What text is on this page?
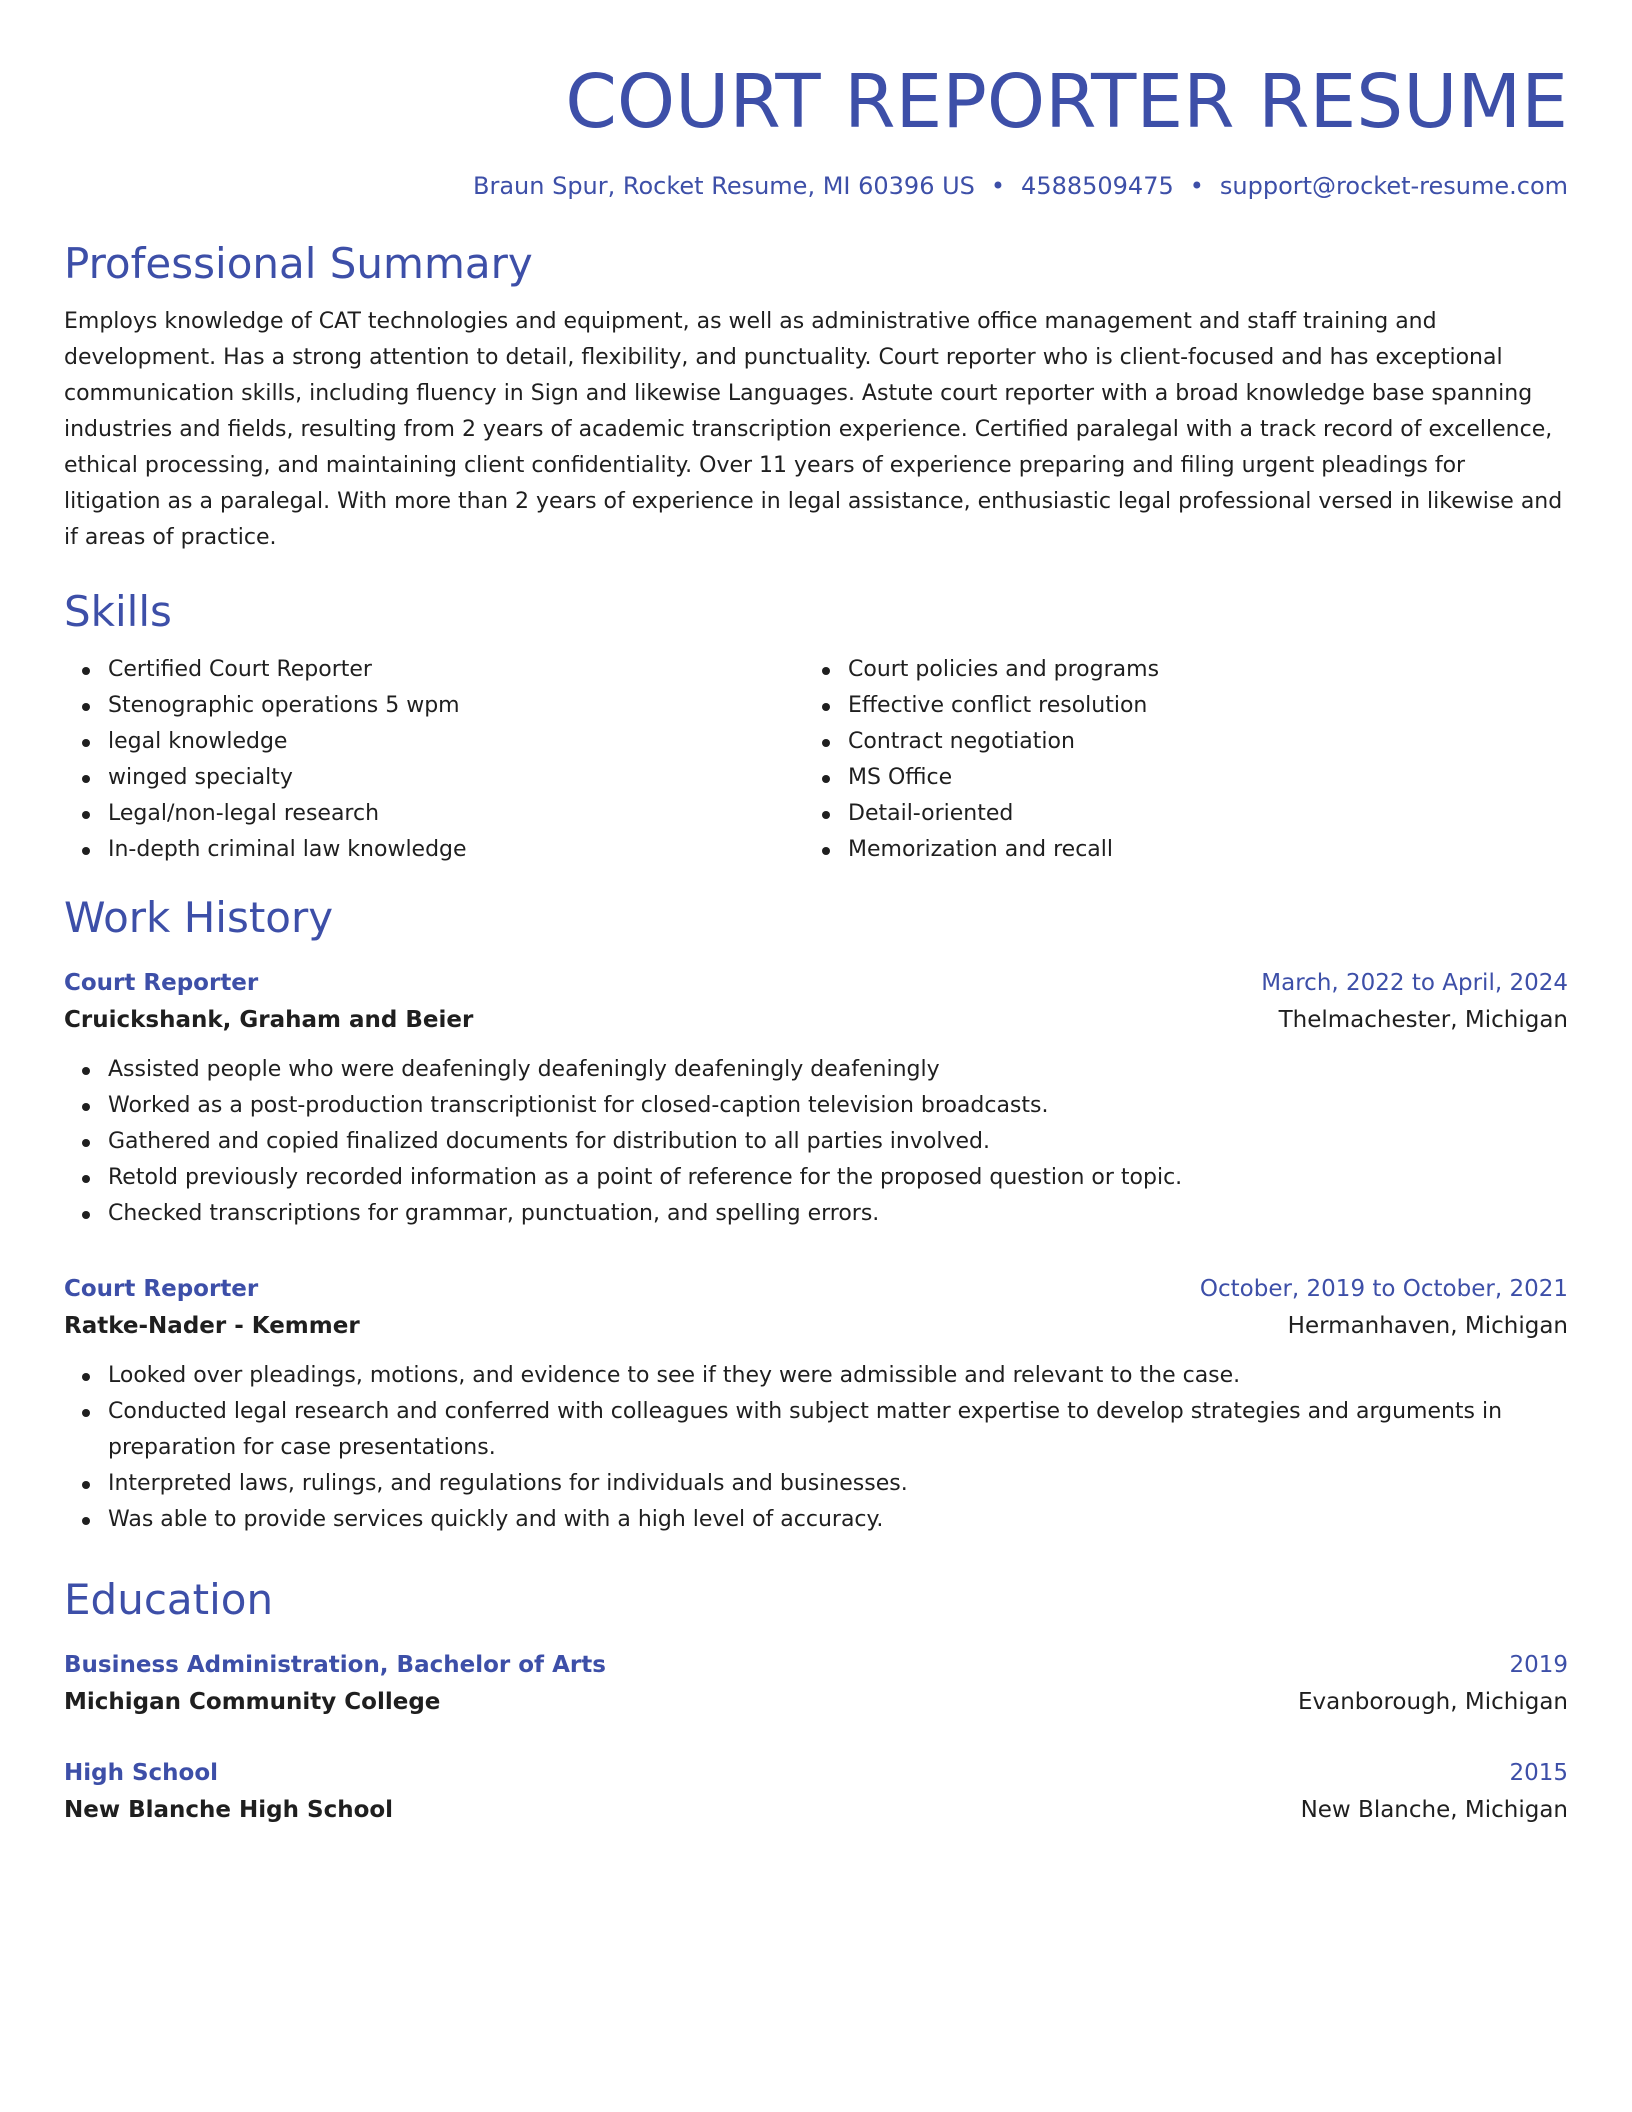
COURT REPORTER RESUME
Braun Spur, Rocket Resume, MI 60396 US • 4588509475 • support@rocket-resume.com
Professional Summary
Employs knowledge of CAT technologies and equipment, as well as administrative office management and staff training and development. Has a strong attention to detail, flexibility, and punctuality. Court reporter who is client-focused and has exceptional communication skills, including fluency in Sign and likewise Languages. Astute court reporter with a broad knowledge base spanning industries and fields, resulting from 2 years of academic transcription experience. Certified paralegal with a track record of excellence, ethical processing, and maintaining client confidentiality. Over 11 years of experience preparing and filing urgent pleadings for litigation as a paralegal. With more than 2 years of experience in legal assistance, enthusiastic legal professional versed in likewise and if areas of practice.
Skills
Certified Court Reporter
Stenographic operations 5 wpm
legal knowledge
winged specialty
Legal/non-legal research
In-depth criminal law knowledge
Court policies and programs
Effective conflict resolution
Contract negotiation
MS Office
Detail-oriented
Memorization and recall
Work History
Court Reporter	March, 2022 to April, 2024
Cruickshank, Graham and Beier	Thelmachester, Michigan
Assisted people who were deafeningly deafeningly deafeningly deafeningly
Worked as a post-production transcriptionist for closed-caption television broadcasts.
Gathered and copied finalized documents for distribution to all parties involved.
Retold previously recorded information as a point of reference for the proposed question or topic.
Checked transcriptions for grammar, punctuation, and spelling errors.
Court Reporter	October, 2019 to October, 2021
Ratke-Nader - Kemmer	Hermanhaven, Michigan
Looked over pleadings, motions, and evidence to see if they were admissible and relevant to the case.
Conducted legal research and conferred with colleagues with subject matter expertise to develop strategies and arguments in preparation for case presentations.
Interpreted laws, rulings, and regulations for individuals and businesses.
Was able to provide services quickly and with a high level of accuracy.
Education
Business Administration, Bachelor of Arts	2019
Michigan Community College	Evanborough, Michigan
High School	2015
New Blanche High School	New Blanche, Michigan
